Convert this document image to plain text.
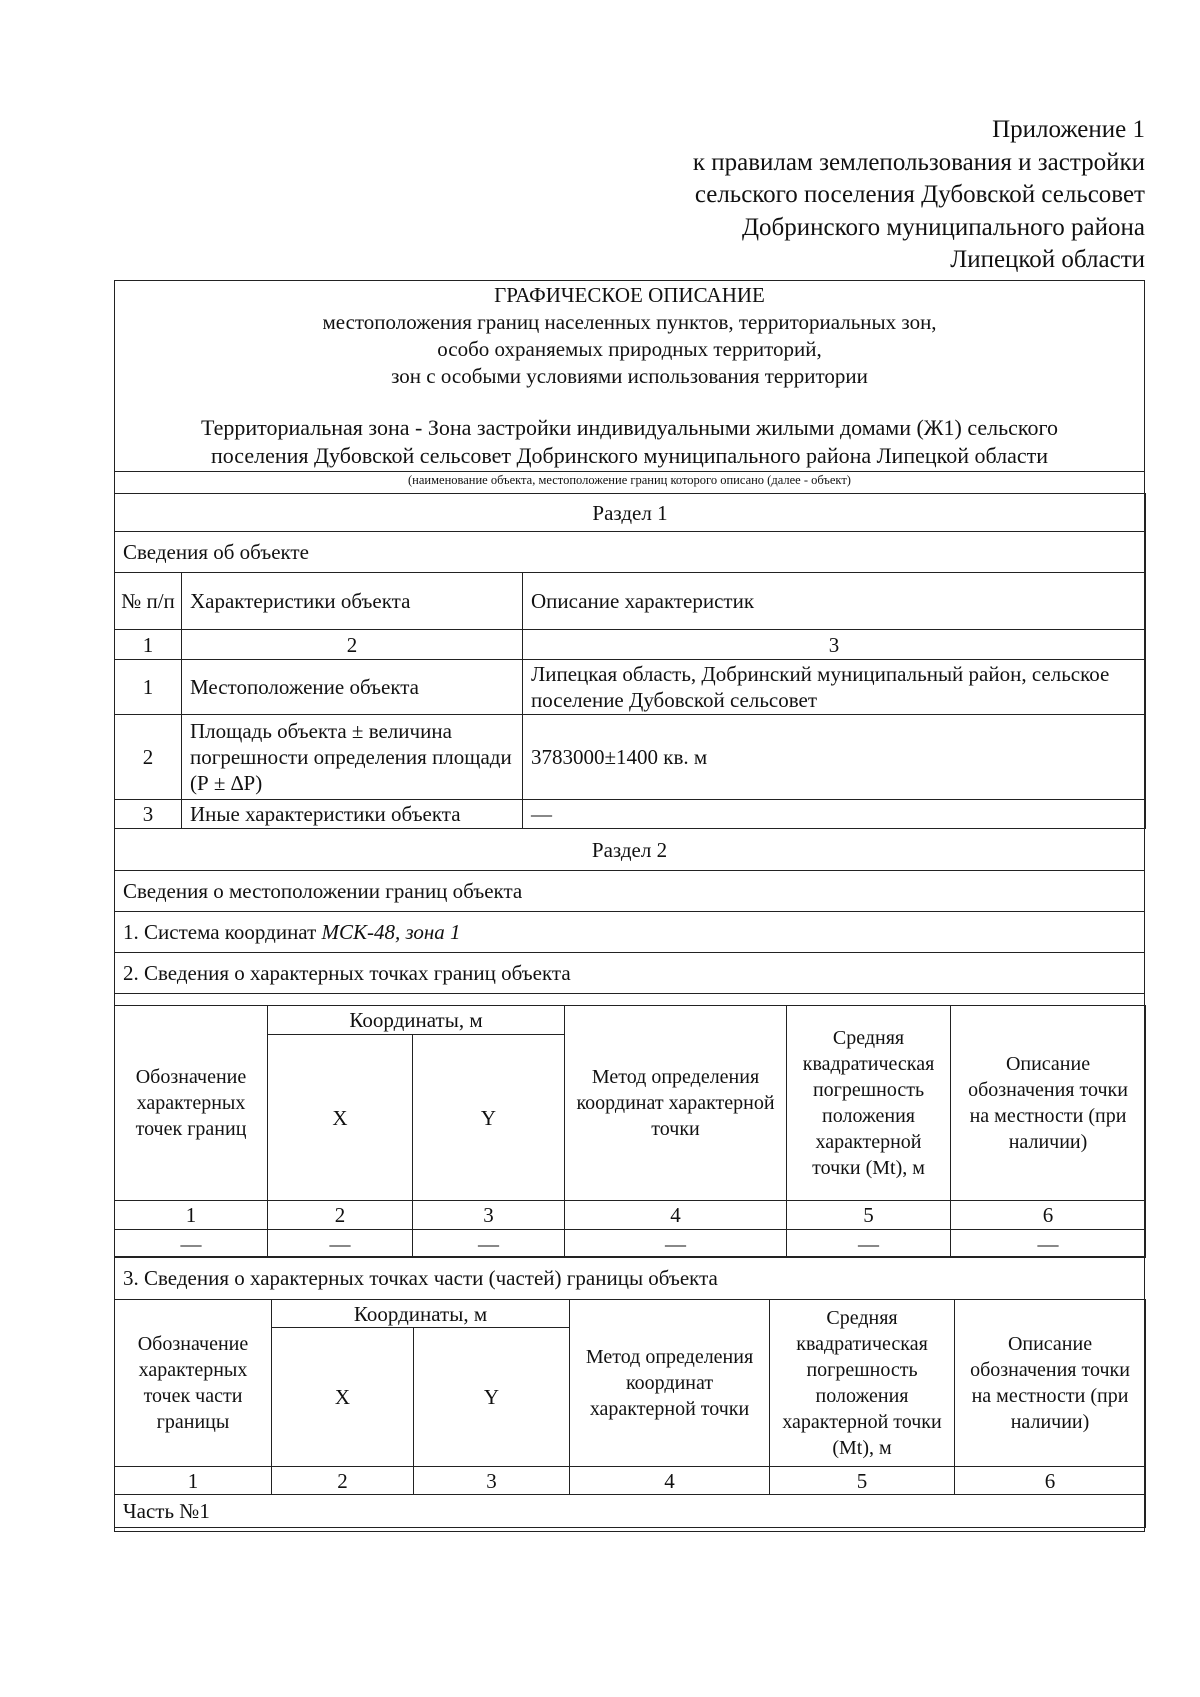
Приложение 1
к правилам землепользования и застройки
сельского поселения Дубовской сельсовет
Добринского муниципального района
Липецкой области
ГРАФИЧЕСКОЕ ОПИСАНИЕ
местоположения границ населенных пунктов, территориальных зон,
особо охраняемых природных территорий,
зон с особыми условиями использования территории
Территориальная зона - Зона застройки индивидуальными жилыми домами (Ж1) сельского
поселения Дубовской сельсовет Добринского муниципального района Липецкой области
(наименование объекта, местоположение границ которого описано (далее - объект)
Раздел 1		
Сведения об объекте		
№ п/п	Характеристики объекта	Описание характеристик
1	2	3
1	Местоположение объекта	Липецкая область, Добринский муниципальный район, сельское поселение Дубовской сельсовет
2	Площадь объекта ± величина погрешности определения площади (Р ± ∆Р)	3783000±1400 кв. м
3	Иные характеристики объекта	—
Раздел 2
Сведения о местоположении границ объекта
1. Система координат МСК-48, зона 1
2. Сведения о характерных точках границ объекта
Обозначение характерных точек границ	Координаты, м		Метод определения координат характерной точки	Средняя квадратическая погрешность положения характерной точки (Мt), м	Описание обозначения точки на местности (при наличии)
	X	Y			
1	2	3	4	5	6
—	—	—	—	—	—
3. Сведения о характерных точках части (частей) границы объекта
Обозначение характерных точек части границы	Координаты, м		Метод определения координат характерной точки	Средняя квадратическая погрешность положения характерной точки (Мt), м	Описание обозначения точки на местности (при наличии)
	X	Y			
1	2	3	4	5	6
Часть №1					
